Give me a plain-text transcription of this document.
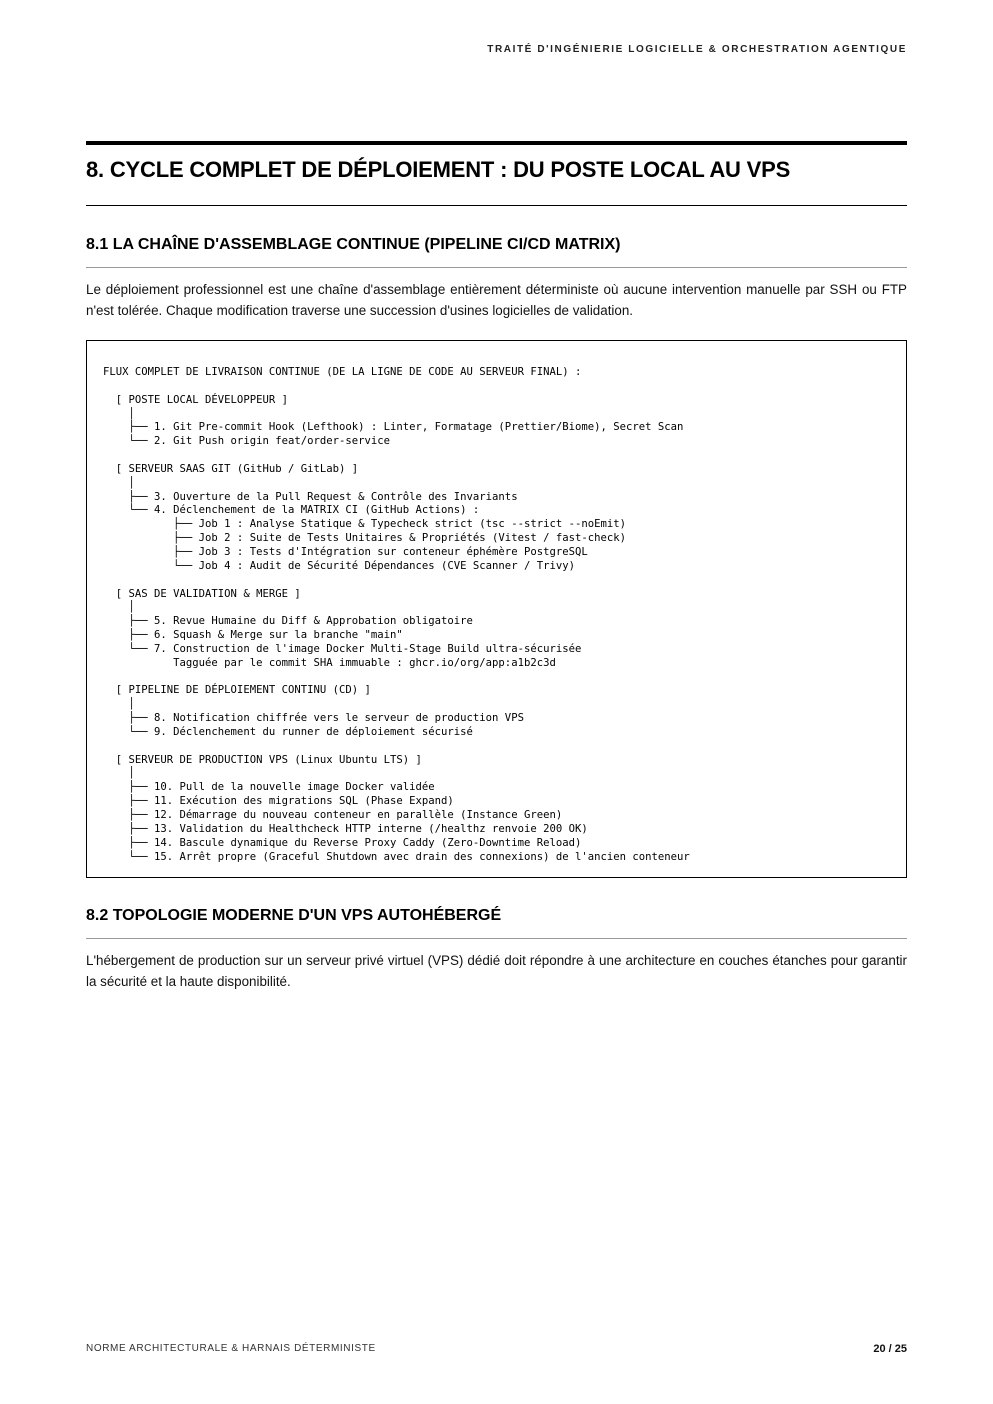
TRAITÉ D'INGÉNIERIE LOGICIELLE & ORCHESTRATION AGENTIQUE
8. CYCLE COMPLET DE DÉPLOIEMENT : DU POSTE LOCAL AU VPS
8.1 LA CHAÎNE D'ASSEMBLAGE CONTINUE (PIPELINE CI/CD MATRIX)

Le déploiement professionnel est une chaîne d'assemblage entièrement déterministe où aucune intervention manuelle par SSH ou FTP n'est tolérée. Chaque modification traverse une succession d'usines logicielles de validation.

FLUX COMPLET DE LIVRAISON CONTINUE (DE LA LIGNE DE CODE AU SERVEUR FINAL) :
[ POSTE LOCAL DÉVELOPPEUR ]
│
├── 1. Git Pre-commit Hook (Lefthook) : Linter, Formatage (Prettier/Biome), Secret Scan
└── 2. Git Push origin feat/order-service
[ SERVEUR SAAS GIT (GitHub / GitLab) ]
│
├── 3. Ouverture de la Pull Request & Contrôle des Invariants
└── 4. Déclenchement de la MATRIX CI (GitHub Actions) :
├── Job 1 : Analyse Statique & Typecheck strict (tsc --strict --noEmit)
├── Job 2 : Suite de Tests Unitaires & Propriétés (Vitest / fast-check)
├── Job 3 : Tests d'Intégration sur conteneur éphémère PostgreSQL
└── Job 4 : Audit de Sécurité Dépendances (CVE Scanner / Trivy)
[ SAS DE VALIDATION & MERGE ]
│
├── 5. Revue Humaine du Diff & Approbation obligatoire
├── 6. Squash & Merge sur la branche "main"
└── 7. Construction de l'image Docker Multi-Stage Build ultra-sécurisée
Tagguée par le commit SHA immuable : ghcr.io/org/app:a1b2c3d
[ PIPELINE DE DÉPLOIEMENT CONTINU (CD) ]
│
├── 8. Notification chiffrée vers le serveur de production VPS
└── 9. Déclenchement du runner de déploiement sécurisé
[ SERVEUR DE PRODUCTION VPS (Linux Ubuntu LTS) ]
│
├── 10. Pull de la nouvelle image Docker validée
├── 11. Exécution des migrations SQL (Phase Expand)
├── 12. Démarrage du nouveau conteneur en parallèle (Instance Green)
├── 13. Validation du Healthcheck HTTP interne (/healthz renvoie 200 OK)
├── 14. Bascule dynamique du Reverse Proxy Caddy (Zero-Downtime Reload)
└── 15. Arrêt propre (Graceful Shutdown avec drain des connexions) de l'ancien conteneur
8.2 TOPOLOGIE MODERNE D'UN VPS AUTOHÉBERGÉ

L'hébergement de production sur un serveur privé virtuel (VPS) dédié doit répondre à une architecture en couches étanches pour garantir la sécurité et la haute disponibilité.

NORME ARCHITECTURALE & HARNAIS DÉTERMINISTE	20 / 25
